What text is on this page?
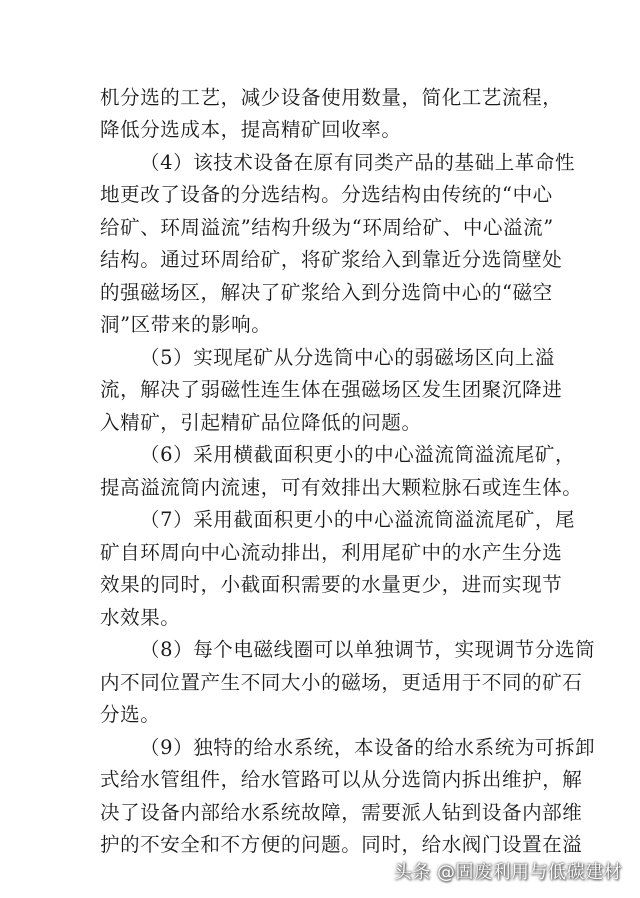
机分选的工艺，减少设备使用数量，简化工艺流程，
降低分选成本，提高精矿回收率。
（4）该技术设备在原有同类产品的基础上革命性
地更改了设备的分选结构。分选结构由传统的“中心
给矿、环周溢流”结构升级为“环周给矿、中心溢流”
结构。通过环周给矿，将矿浆给入到靠近分选筒壁处
的强磁场区，解决了矿浆给入到分选筒中心的“磁空
洞”区带来的影响。
（5）实现尾矿从分选筒中心的弱磁场区向上溢
流，解决了弱磁性连生体在强磁场区发生团聚沉降进
入精矿，引起精矿品位降低的问题。
（6）采用横截面积更小的中心溢流筒溢流尾矿，
提高溢流筒内流速，可有效排出大颗粒脉石或连生体。
（7）采用截面积更小的中心溢流筒溢流尾矿，尾
矿自环周向中心流动排出，利用尾矿中的水产生分选
效果的同时，小截面积需要的水量更少，进而实现节
水效果。
（8）每个电磁线圈可以单独调节，实现调节分选筒
内不同位置产生不同大小的磁场，更适用于不同的矿石
分选。
（9）独特的给水系统，本设备的给水系统为可拆卸
式给水管组件，给水管路可以从分选筒内拆出维护，解
决了设备内部给水系统故障，需要派人钻到设备内部维
护的不安全和不方便的问题。同时，给水阀门设置在溢
头条 @固废利用与低碳建材
